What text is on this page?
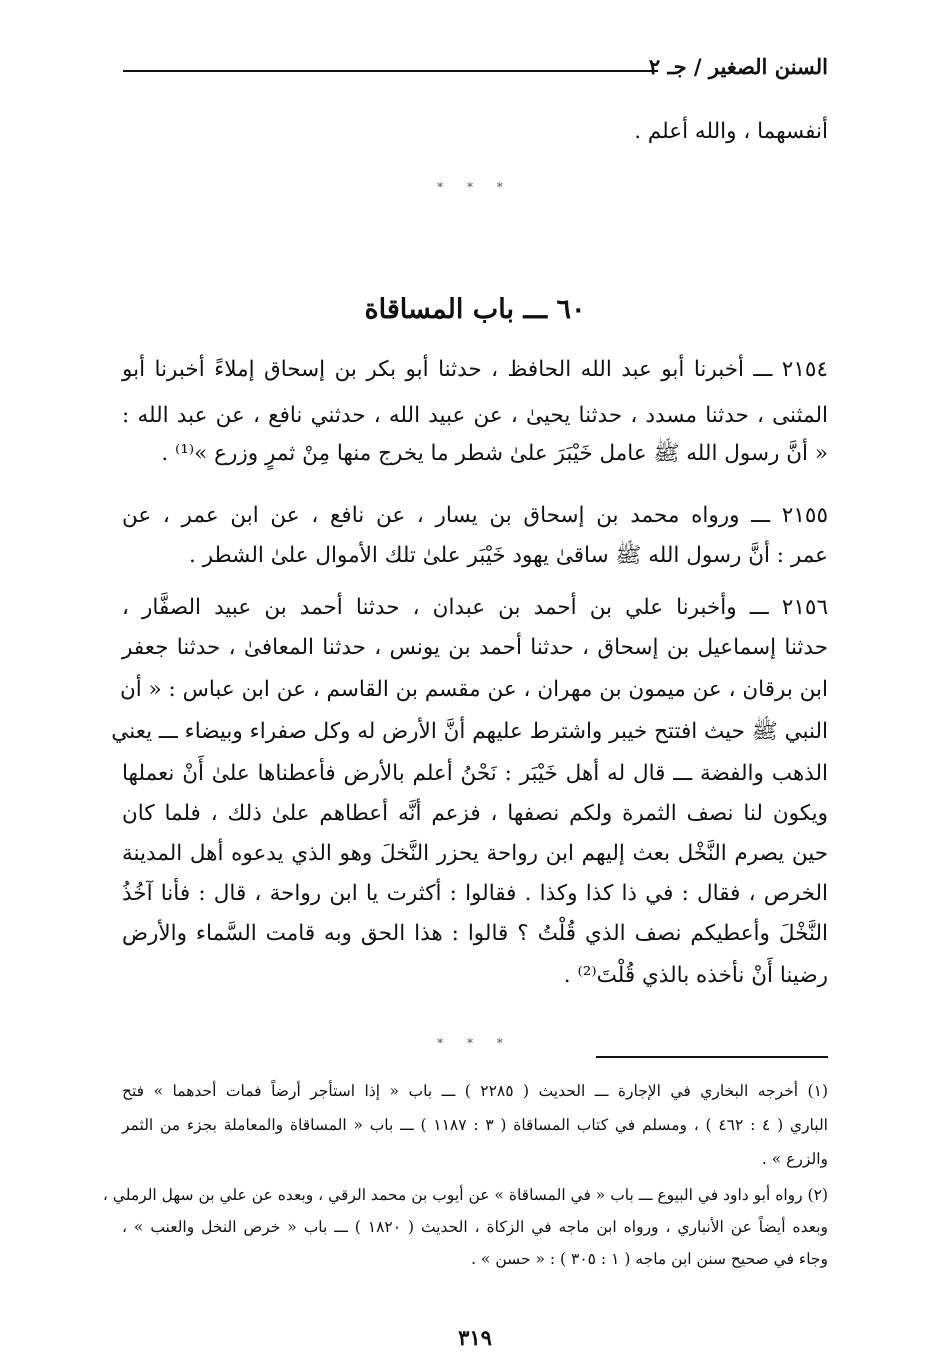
السنن الصغير / جـ ٢
أنفسهما ، والله أعلم .
* * *
٦٠ ـــ باب المساقاة
٢١٥٤ ـــ أخبرنا أبو عبد الله الحافظ ، حدثنا أبو بكر بن إسحاق إملاءً أخبرنا أبو
المثنى ، حدثنا مسدد ، حدثنا يحيىٰ ، عن عبيد الله ، حدثني نافع ، عن عبد الله :
« أنَّ رسول الله ﷺ عامل خَيْبَرَ علىٰ شطر ما يخرج منها مِنْ ثمرٍ وزرع »⁽¹⁾ .
٢١٥٥ ـــ ورواه محمد بن إسحاق بن يسار ، عن نافع ، عن ابن عمر ، عن
عمر : أنَّ رسول الله ﷺ ساقىٰ يهود خَيْبَر علىٰ تلك الأموال علىٰ الشطر .
٢١٥٦ ـــ وأخبرنا علي بن أحمد بن عبدان ، حدثنا أحمد بن عبيد الصفَّار ،
حدثنا إسماعيل بن إسحاق ، حدثنا أحمد بن يونس ، حدثنا المعافىٰ ، حدثنا جعفر
ابن برقان ، عن ميمون بن مهران ، عن مقسم بن القاسم ، عن ابن عباس : « أن
النبي ﷺ حيث افتتح خيبر واشترط عليهم أنَّ الأرض له وكل صفراء وبيضاء ـــ يعني
الذهب والفضة ـــ قال له أهل خَيْبَر : نَحْنُ أعلم بالأرض فأعطناها علىٰ أَنْ نعملها
ويكون لنا نصف الثمرة ولكم نصفها ، فزعم أنَّه أعطاهم علىٰ ذلك ، فلما كان
حين يصرم النَّخْل بعث إليهم ابن رواحة يحزر النَّخلَ وهو الذي يدعوه أهل المدينة
الخرص ، فقال : في ذا كذا وكذا . فقالوا : أكثرت يا ابن رواحة ، قال : فأنا آخُذُ
النَّخْلَ وأعطيكم نصف الذي قُلْتُ ؟ قالوا : هذا الحق وبه قامت السَّماء والأرض
رضينا أَنْ نأخذه بالذي قُلْتَ⁽²⁾ .
* * *
(١) أخرجه البخاري في الإجارة ـــ الحديث ( ٢٢٨٥ ) ـــ باب « إذا استأجر أرضاً فمات أحدهما » فتح
الباري ( ٤ : ٤٦٢ ) ، ومسلم في كتاب المساقاة ( ٣ : ١١٨٧ ) ـــ باب « المساقاة والمعاملة بجزء من الثمر
والزرع » .
(٢) رواه أبو داود في البيوع ـــ باب « في المساقاة » عن أيوب بن محمد الرقي ، وبعده عن علي بن سهل الرملي ،
وبعده أيضاً عن الأنباري ، ورواه ابن ماجه في الزكاة ، الحديث ( ١٨٢٠ ) ـــ باب « خرص النخل والعنب » ،
وجاء في صحيح سنن ابن ماجه ( ١ : ٣٠٥ ) : « حسن » .
٣١٩
